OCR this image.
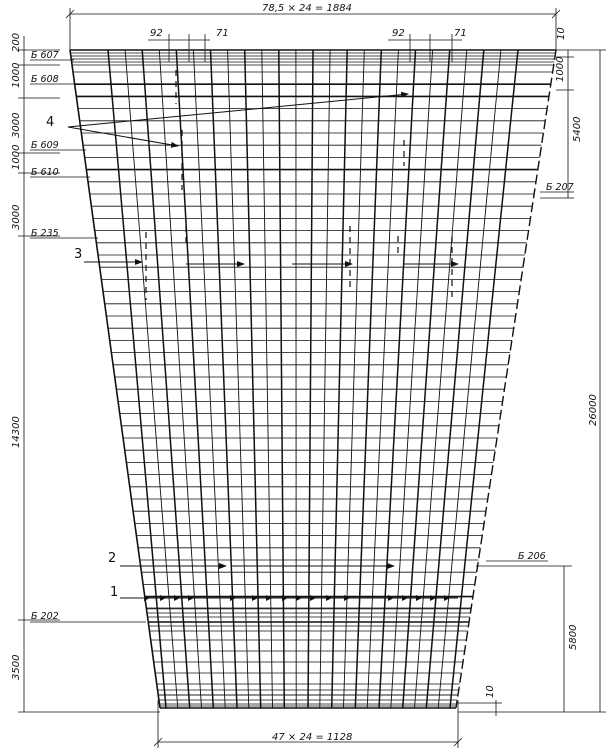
78,5 × 24 = 1884
92	71	92	71	10
200
1000
3000
1000
3000
14300
3500
26000
1000
5400
5800
10
47 × 24 = 1128
Б 607
Б 608
Б 609
Б 610
Б 235
Б 202
Б 207
Б 206
1
2
3
4
